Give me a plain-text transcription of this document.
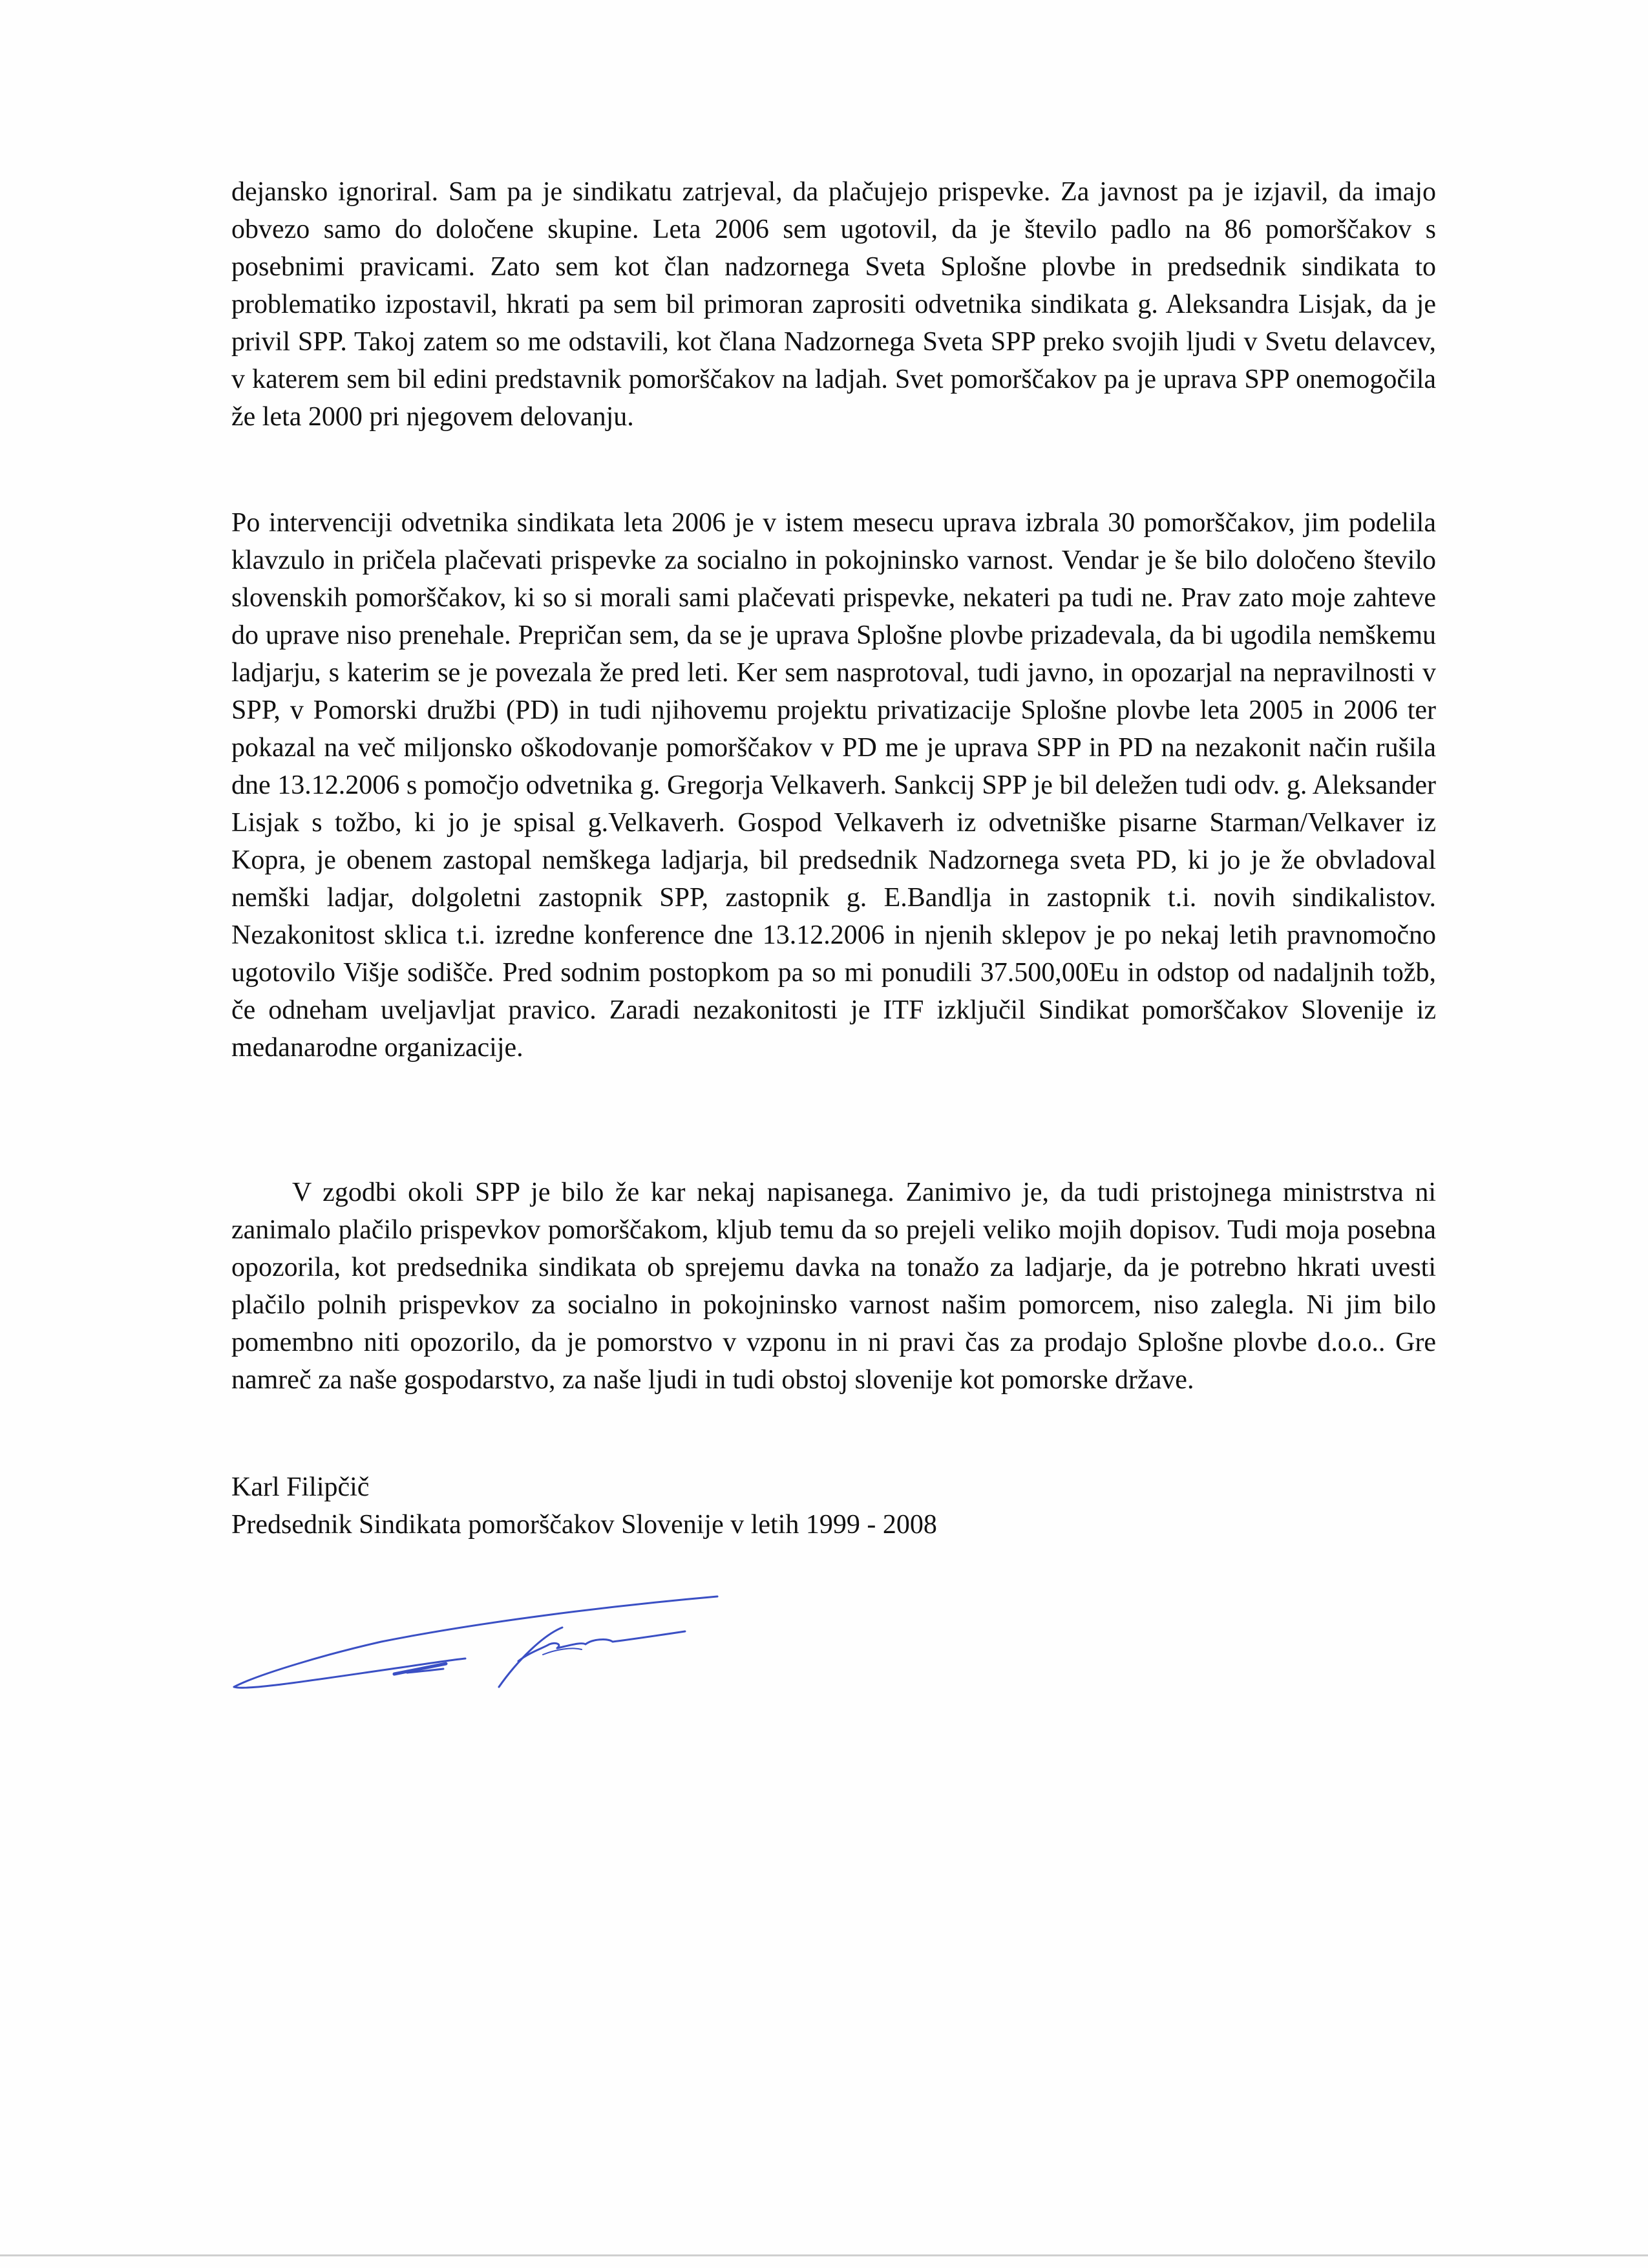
dejansko ignoriral. Sam pa je sindikatu zatrjeval, da plačujejo prispevke. Za javnost pa je izjavil, da imajo obvezo samo do določene skupine. Leta 2006 sem ugotovil, da je število padlo na 86 pomorščakov s posebnimi pravicami. Zato sem kot član nadzornega Sveta Splošne plovbe in predsednik sindikata to problematiko izpostavil, hkrati pa sem bil primoran zaprositi odvetnika sindikata g. Aleksandra Lisjak, da je privil SPP. Takoj zatem so me odstavili, kot člana Nadzornega Sveta SPP preko svojih ljudi v Svetu delavcev, v katerem sem bil edini predstavnik pomorščakov na ladjah. Svet pomorščakov pa je uprava SPP onemogočila že leta 2000 pri njegovem delovanju.

Po intervenciji odvetnika sindikata leta 2006 je v istem mesecu uprava izbrala 30 pomorščakov, jim podelila klavzulo in pričela plačevati prispevke za socialno in pokojninsko varnost. Vendar je še bilo določeno število slovenskih pomorščakov, ki so si morali sami plačevati prispevke, nekateri pa tudi ne. Prav zato moje zahteve do uprave niso prenehale. Prepričan sem, da se je uprava Splošne plovbe prizadevala, da bi ugodila nemškemu ladjarju, s katerim se je povezala že pred leti. Ker sem nasprotoval, tudi javno, in opozarjal na nepravilnosti v SPP, v Pomorski družbi (PD) in tudi njihovemu projektu privatizacije Splošne plovbe leta 2005 in 2006 ter pokazal na več miljonsko oškodovanje pomorščakov v PD me je uprava SPP in PD na nezakonit način rušila dne 13.12.2006 s pomočjo odvetnika g. Gregorja Velkaverh. Sankcij SPP je bil deležen tudi odv. g. Aleksander Lisjak s tožbo, ki jo je spisal g.Velkaverh. Gospod Velkaverh iz odvetniške pisarne Starman/Velkaver iz Kopra, je obenem zastopal nemškega ladjarja, bil predsednik Nadzornega sveta PD, ki jo je že obvladoval nemški ladjar, dolgoletni zastopnik SPP, zastopnik g. E.Bandlja in zastopnik t.i. novih sindikalistov. Nezakonitost sklica t.i. izredne konference dne 13.12.2006 in njenih sklepov je po nekaj letih pravnomočno ugotovilo Višje sodišče. Pred sodnim postopkom pa so mi ponudili 37.500,00Eu in odstop od nadaljnih tožb, če odneham uveljavljat pravico. Zaradi nezakonitosti je ITF izključil Sindikat pomorščakov Slovenije iz medanarodne organizacije.

V zgodbi okoli SPP je bilo že kar nekaj napisanega. Zanimivo je, da tudi pristojnega ministrstva ni zanimalo plačilo prispevkov pomorščakom, kljub temu da so prejeli veliko mojih dopisov. Tudi moja posebna opozorila, kot predsednika sindikata ob sprejemu davka na tonažo za ladjarje, da je potrebno hkrati uvesti plačilo polnih prispevkov za socialno in pokojninsko varnost našim pomorcem, niso zalegla. Ni jim bilo pomembno niti opozorilo, da je pomorstvo v vzponu in ni pravi čas za prodajo Splošne plovbe d.o.o.. Gre namreč za naše gospodarstvo, za naše ljudi in tudi obstoj slovenije kot pomorske države.

Karl Filipčič
Predsednik Sindikata pomorščakov Slovenije v letih 1999 - 2008
